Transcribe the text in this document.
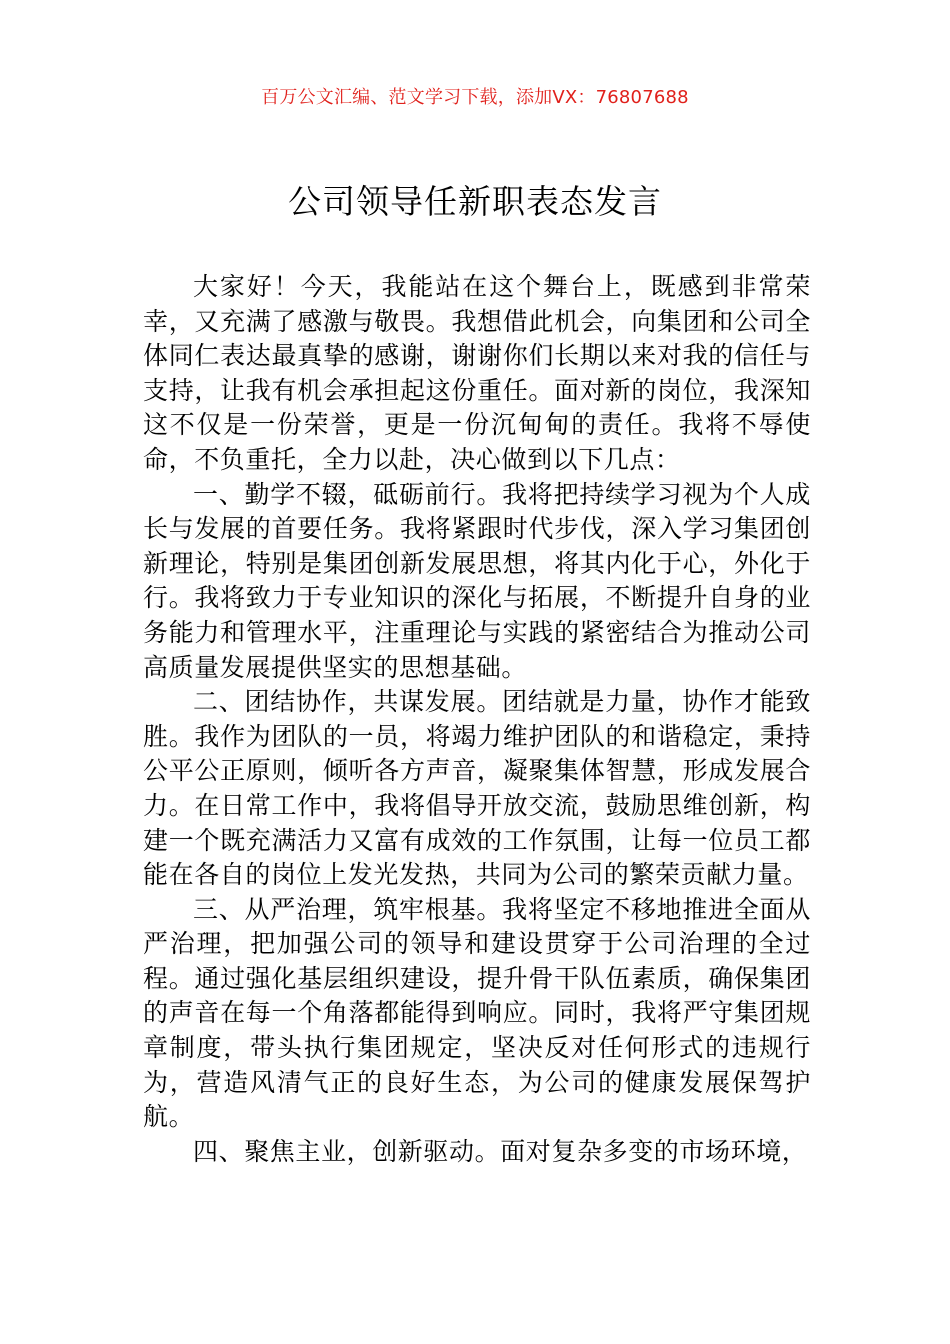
百万公文汇编、范文学习下载，添加VX：76807688
公司领导任新职表态发言

大家好！今天，我能站在这个舞台上，既感到非常荣幸，又充满了感激与敬畏。我想借此机会，向集团和公司全体同仁表达最真挚的感谢，谢谢你们长期以来对我的信任与支持，让我有机会承担起这份重任。面对新的岗位，我深知这不仅是一份荣誉，更是一份沉甸甸的责任。我将不辱使命，不负重托，全力以赴，决心做到以下几点：

一、勤学不辍，砥砺前行。我将把持续学习视为个人成长与发展的首要任务。我将紧跟时代步伐，深入学习集团创新理论，特别是集团创新发展思想，将其内化于心，外化于行。我将致力于专业知识的深化与拓展，不断提升自身的业务能力和管理水平，注重理论与实践的紧密结合为推动公司高质量发展提供坚实的思想基础。

二、团结协作，共谋发展。团结就是力量，协作才能致胜。我作为团队的一员，将竭力维护团队的和谐稳定，秉持公平公正原则，倾听各方声音，凝聚集体智慧，形成发展合力。在日常工作中，我将倡导开放交流，鼓励思维创新，构建一个既充满活力又富有成效的工作氛围，让每一位员工都能在各自的岗位上发光发热，共同为公司的繁荣贡献力量。

三、从严治理，筑牢根基。我将坚定不移地推进全面从严治理，把加强公司的领导和建设贯穿于公司治理的全过程。通过强化基层组织建设，提升骨干队伍素质，确保集团的声音在每一个角落都能得到响应。同时，我将严守集团规章制度，带头执行集团规定，坚决反对任何形式的违规行为，营造风清气正的良好生态，为公司的健康发展保驾护航。

四、聚焦主业，创新驱动。面对复杂多变的市场环境，
